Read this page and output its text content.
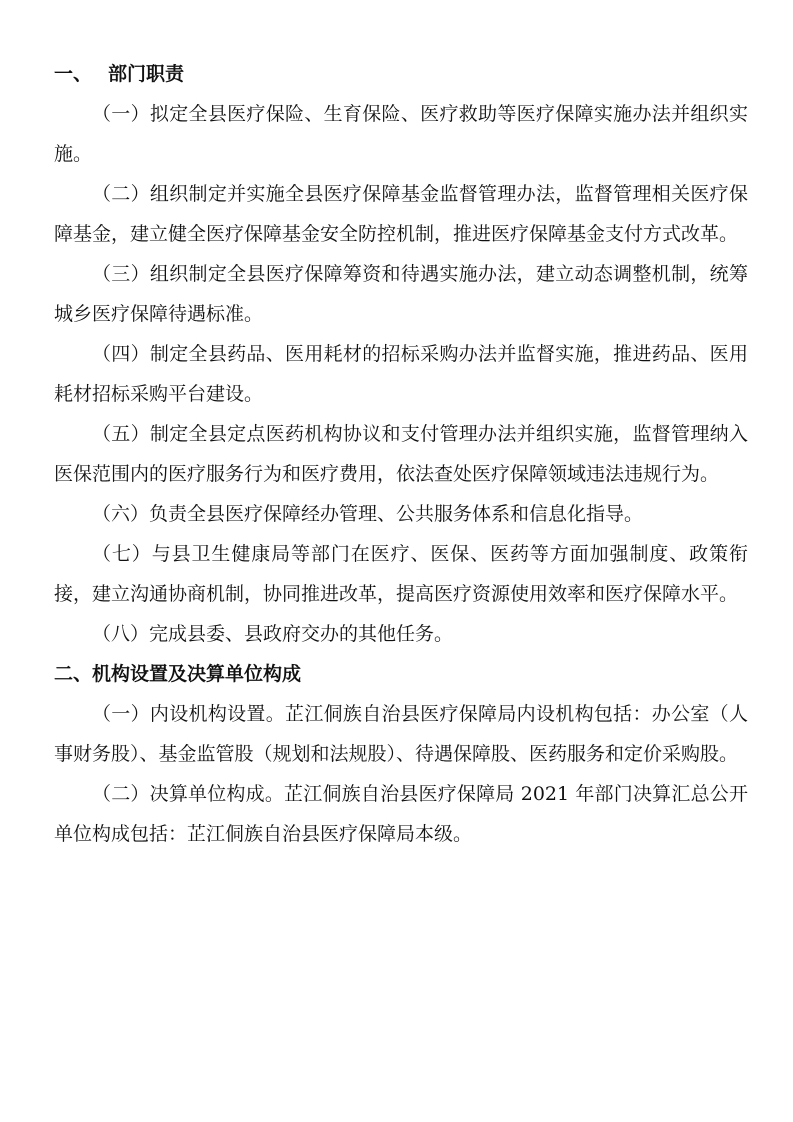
一、 部门职责

（一）拟定全县医疗保险、生育保险、医疗救助等医疗保障实施办法并组织实施。

（二）组织制定并实施全县医疗保障基金监督管理办法，监督管理相关医疗保障基金，建立健全医疗保障基金安全防控机制，推进医疗保障基金支付方式改革。

（三）组织制定全县医疗保障筹资和待遇实施办法，建立动态调整机制，统筹城乡医疗保障待遇标准。

（四）制定全县药品、医用耗材的招标采购办法并监督实施，推进药品、医用耗材招标采购平台建设。

（五）制定全县定点医药机构协议和支付管理办法并组织实施，监督管理纳入医保范围内的医疗服务行为和医疗费用，依法查处医疗保障领域违法违规行为。

（六）负责全县医疗保障经办管理、公共服务体系和信息化指导。

（七）与县卫生健康局等部门在医疗、医保、医药等方面加强制度、政策衔接，建立沟通协商机制，协同推进改革，提高医疗资源使用效率和医疗保障水平。

（八）完成县委、县政府交办的其他任务。

二、机构设置及决算单位构成

（一）内设机构设置。芷江侗族自治县医疗保障局内设机构包括：办公室（人事财务股）、基金监管股（规划和法规股）、待遇保障股、医药服务和定价采购股。

（二）决算单位构成。芷江侗族自治县医疗保障局 2021 年部门决算汇总公开单位构成包括：芷江侗族自治县医疗保障局本级。
